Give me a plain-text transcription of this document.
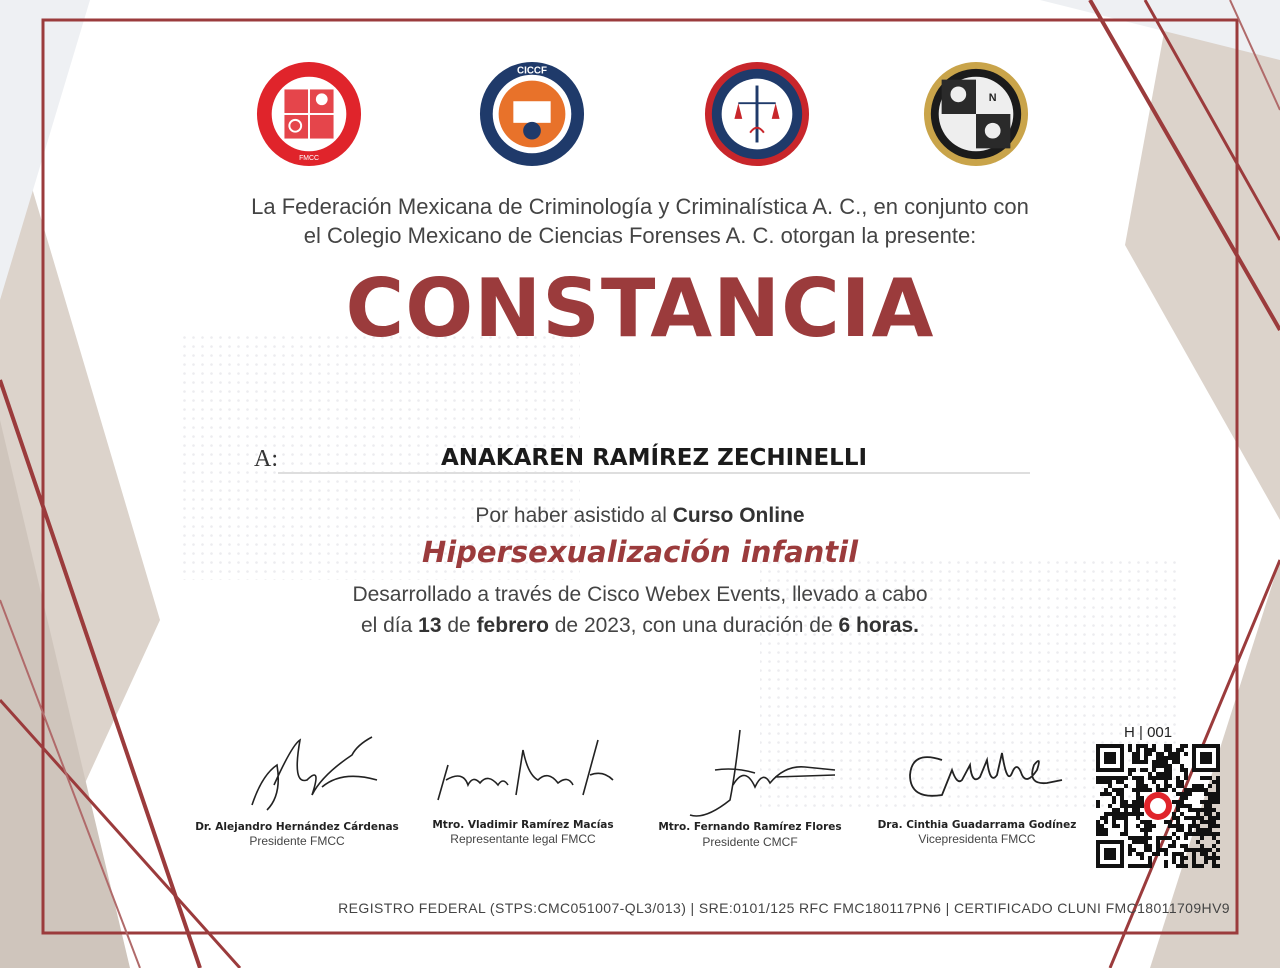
FMCC
CICCF
N
La Federación Mexicana de Criminología y Criminalística A. C., en conjunto con
el Colegio Mexicano de Ciencias Forenses A. C. otorgan la presente:
CONSTANCIA
A:	ANAKAREN RAMÍREZ ZECHINELLI
Por haber asistido al Curso Online
Hipersexualización infantil
Desarrollado a través de Cisco Webex Events, llevado a cabo
el día 13 de febrero de 2023, con una duración de 6 horas.
Dr. Alejandro Hernández Cárdenas
Presidente FMCC
Mtro. Vladimir Ramírez Macías
Representante legal FMCC
Mtro. Fernando Ramírez Flores
Presidente CMCF
Dra. Cinthia Guadarrama Godínez
Vicepresidenta FMCC
H | 001
REGISTRO FEDERAL (STPS:CMC051007-QL3/013) | SRE:0101/125 RFC FMC180117PN6 | CERTIFICADO CLUNI FMC18011709HV9
